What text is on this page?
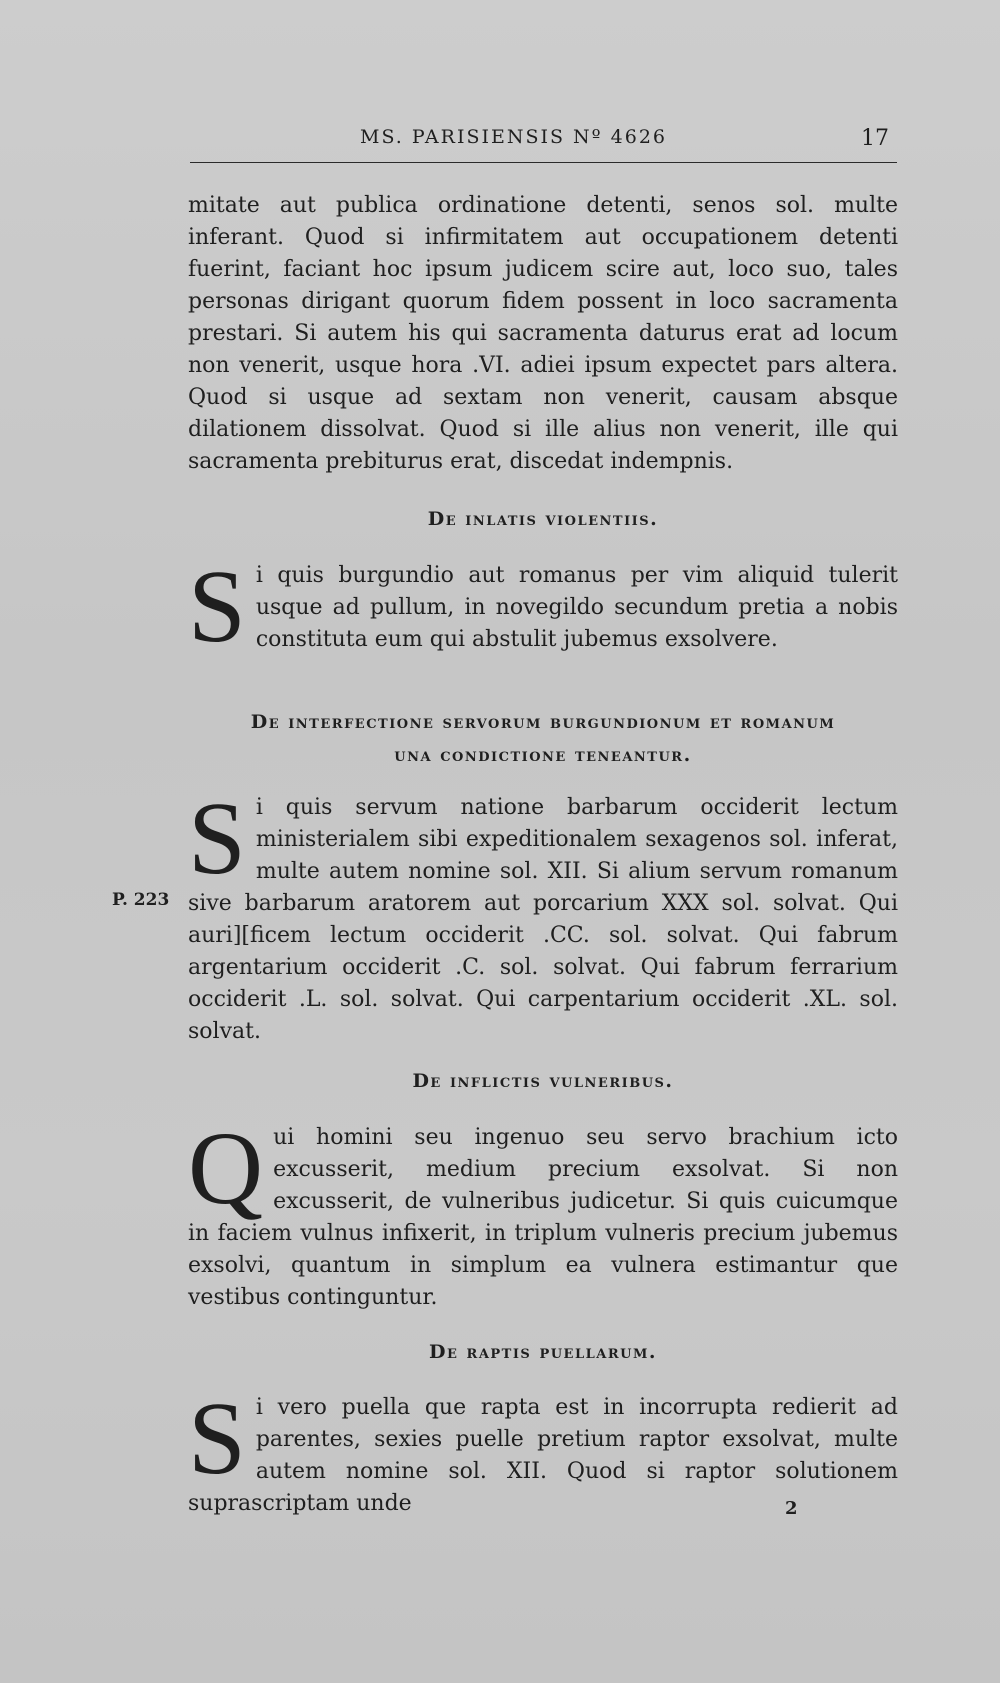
MS. PARISIENSIS Nº 4626	17

mitate aut publica ordinatione detenti, senos sol. multe inferant. Quod si infirmitatem aut occupationem detenti fuerint, faciant hoc ipsum judicem scire aut, loco suo, tales personas dirigant quorum fidem possent in loco sacramenta prestari. Si autem his qui sacramenta daturus erat ad locum non venerit, usque hora .VI. adiei ipsum expectet pars altera. Quod si usque ad sextam non venerit, causam absque dilationem dissolvat. Quod si ille alius non venerit, ille qui sacramenta prebiturus erat, discedat indempnis.

De inlatis violentiis.

Si quis burgundio aut romanus per vim aliquid tulerit usque ad pullum, in novegildo secundum pretia a nobis constituta eum qui abstulit jubemus exsolvere.

De interfectione servorum burgundionum et romanum
una condictione teneantur.

Si quis servum natione barbarum occiderit lectum ministerialem sibi expeditionalem sexagenos sol. inferat, multe autem nomine sol. XII. Si alium servum romanum sive barbarum aratorem aut porcarium XXX sol. solvat. Qui auri][ficem lectum occiderit .CC. sol. solvat. Qui fabrum argentarium occiderit .C. sol. solvat. Qui fabrum ferrarium occiderit .L. sol. solvat. Qui carpentarium occiderit .XL. sol. solvat.

P. 223
De inflictis vulneribus.

Qui homini seu ingenuo seu servo brachium icto excusserit, medium precium exsolvat. Si non excusserit, de vulneribus judicetur. Si quis cuicumque in faciem vulnus infixerit, in triplum vulneris precium jubemus exsolvi, quantum in simplum ea vulnera estimantur que vestibus continguntur.

De raptis puellarum.

Si vero puella que rapta est in incorrupta redierit ad parentes, sexies puelle pretium raptor exsolvat, multe autem nomine sol. XII. Quod si raptor solutionem suprascriptam unde	2
